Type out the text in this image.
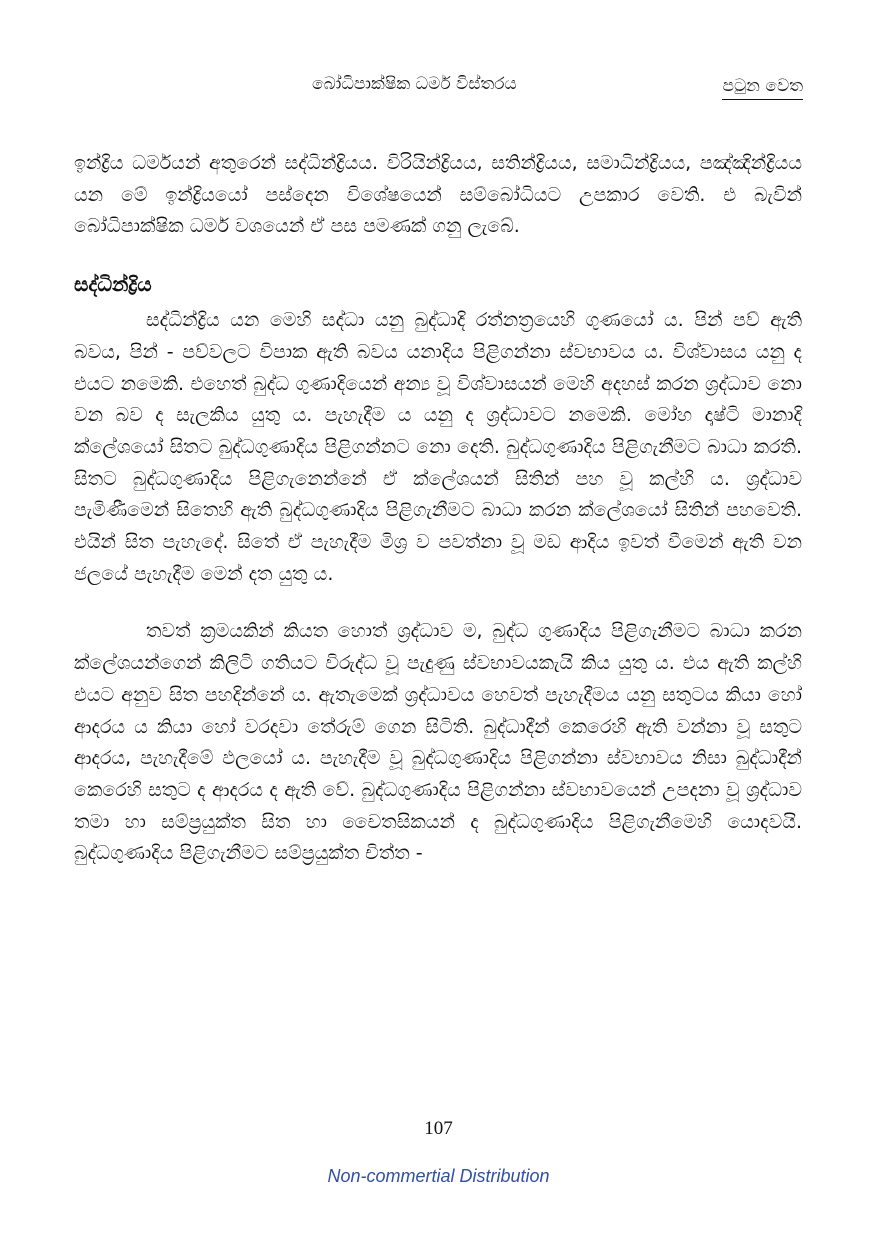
බෝධිපාක්ෂික ධර්ම විස්තරය	පටුන වෙත

ඉන්ද්‍රිය ධර්මයන් අතුරෙන් සද්ධින්ද්‍රියය. විරියින්ද්‍රියය, සතින්ද්‍රියය, සමාධින්ද්‍රියය, පඤ්ඤින්ද්‍රියය යන මේ ඉන්ද්‍රියයෝ පස්දෙන විශේෂයෙන් සම්බෝධියට උපකාර වෙති. එ බැවින් බෝධිපාක්ෂික ධර්ම වශයෙන් ඒ පස පමණක් ගනු ලැබේ.

සද්ධින්ද්‍රිය

සද්ධින්ද්‍රිය යන මෙහි සද්ධා යනු බුද්ධාදි රත්නත්‍රයෙහි ගුණයෝ ය. පින් පව් ඇති බවය, පින් - පව්වලට විපාක ඇති බවය යනාදිය පිළිගන්නා ස්වභාවය ය. විශ්වාසය යනු ද එයට නමෙකි. එහෙත් බුද්ධ ගුණාදියෙන් අන්‍ය වූ විශ්වාසයන් මෙහි අදහස් කරන ශ්‍රද්ධාව නො වන බව ද සැලකිය යුතු ය. පැහැදීම ය යනු ද ශ්‍රද්ධාවට නමෙකි. මෝහ දෘෂ්ටි මානාදි ක්ලේශයෝ සිතට බුද්ධගුණාදිය පිළිගන්නට නො දෙති. බුද්ධගුණාදිය පිළිගැනීමට බාධා කරති. සිතට බුද්ධගුණාදිය පිළිගැනෙන්නේ ඒ ක්ලේශයන් සිතින් පහ වූ කල්හි ය. ශ්‍රද්ධාව පැමිණීමෙන් සිතෙහි ඇති බුද්ධගුණාදිය පිළිගැනීමට බාධා කරන ක්ලේශයෝ සිතින් පහවෙති. එයින් සිත පැහැදේ. සිතේ ඒ පැහැදීම මිශ්‍ර ව පවත්නා වූ මඩ ආදිය ඉවත් වීමෙන් ඇති වන ජලයේ පැහැදීම මෙන් දත යුතු ය.

තවත් ක්‍රමයකින් කියත හොත් ශ්‍රද්ධාව ම, බුද්ධ ගුණාදිය පිළිගැනීමට බාධා කරන ක්ලේශයන්ගෙන් කිලිටි ගතියට විරුද්ධ වූ පැදුණු ස්වභාවයකැයි කිය යුතු ය. එය ඇති කල්හි එයට අනුව සිත පහදින්නේ ය. ඇතැමෙක් ශ්‍රද්ධාවය හෙවත් පැහැදීමය යනු සතුටය කියා හෝ ආදරය ය කියා හෝ වරදවා තේරුම් ගෙන සිටිති. බුද්ධාදීන් කෙරෙහි ඇති වන්නා වූ සතුට ආදරය, පැහැදීමේ ඵලයෝ ය. පැහැදීම වූ බුද්ධගුණාදිය පිළිගන්නා ස්වභාවය නිසා බුද්ධාදීන් කෙරෙහි සතුට ද ආදරය ද ඇති වේ. බුද්ධගුණාදිය පිළිගන්නා ස්වභාවයෙන් උපදනා වූ ශ්‍රද්ධාව තමා හා සම්ප්‍රයුක්ත සිත හා චෛතසිකයන් ද බුද්ධගුණාදිය පිළිගැනීමෙහි යොදවයි. බුද්ධගුණාදිය පිළිගැනීමට සම්ප්‍රයුක්ත චිත්ත -

107
Non-commertial Distribution
